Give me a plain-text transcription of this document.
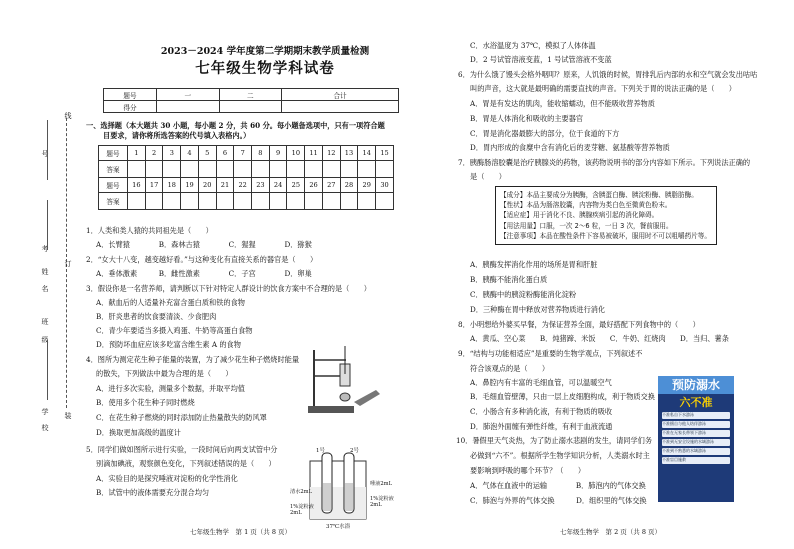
线
订
装
号
考
姓
名
班
级
学
校
2023－2024 学年度第二学期期末教学质量检测
七年级生物学科试卷
题号	一	二	合计
得分			
一、选择题（本大题共 30 小题，每小题 2 分，共 60 分。每小题备选项中，只有一项符合题
目要求，请你将所选答案的代号填入表格内。）
题号	1	2	3	4	5	6	7	8	9	10	11	12	13	14	15
答案															
题号	16	17	18	19	20	21	22	23	24	25	26	27	28	29	30
答案															
1．人类和类人猿的共同祖先是（　　）
A．长臂猿　　　　B．森林古猿　　　　C．猩猩　　　　D．猕猴
2．“女大十八变，越变越好看。”与这种变化有直接关系的器官是（　　）
A．垂体激素　　　B．雌性激素　　　　C．子宫　　　　D．卵巢
3．假设你是一名营养师，请判断以下针对特定人群设计的饮食方案中不合理的是（　　）
A．献血后的人适量补充富含蛋白质和铁的食物
B．肝炎患者的饮食要清淡、少食肥肉
C．青少年要适当多摄入鸡蛋、牛奶等高蛋白食物
D．预防坏血症应该多吃富含维生素 A 的食物
4．图所为测定花生种子能量的装置，为了减少花生种子燃烧时能量
的散失，下列做法中最为合理的是（　　）
A．进行多次实验，测量多个数据，并取平均值
B．使用多个花生种子同时燃烧
C．在花生种子燃烧的同时添加防止热量散失的防风罩
D．换取更加高级的温度计
5．同学们做如图所示进行实验，一段时间后向两支试管中分
别滴加碘液，观察颜色变化，下列叙述错误的是（　　）
A．实验目的是探究唾液对淀粉的化学性消化
B．试管中的液体需要充分混合均匀
1号	2号
清水2mL
1%淀粉液2mL
唾液2mL
1%淀粉液2mL
37℃水浴
C．水浴温度为 37℃，模拟了人体体温
D．2 号试管溶液变蓝，1 号试管溶液不变蓝
6．为什么饿了馒头会格外咽叩？原来，人饥饿的时候，胃排乳后内部的水和空气就会发出咕咕
叫的声音，这大就是最明确的需要直找的声音。下列关于胃的说法正确的是（　　）
A．胃是有发达的肌肉，能收缩蠕动，但不能吸收营养物质
B．胃是人体消化和吸收的主要器官
C．胃是消化器最膨大的部分，位于食道的下方
D．胃内形成的食糜中含有消化后的麦芽糖、氨基酸等营养物质
7．胰酶肠溶胶囊是治疗胰腺炎的药物，该药物说明书的部分内容如下所示。下列说法正确的
是（　　）
【成分】本品主要成分为胰酶，含胰蛋白酶、胰淀粉酶、胰脂肪酶。
【性状】本品为肠溶胶囊，内容物为类白色至微黄色粉末。
【适应症】用于消化不良、胰腺疾病引起的消化障碍。
【用法用量】口服，一次 2～6 粒，一日 3 次，餐前服用。
【注意事项】本品在酸性条件下容易被破坏，服用时不可以咀嚼药片等。
A．胰酶发挥消化作用的场所是胃和肝脏
B．胰酶不能消化蛋白质
C．胰酶中的胰淀粉酶能消化淀粉
D．三种酶在胃中释放对营养物质进行消化
8．小明想给外婆买早餐，为保证营养全面，最好搭配下列食物中的（　　）
A．黄瓜、空心菜　　B．炖猪蹄、米饭　　C．牛奶、红烧肉　　D．当归、薯条
9．“结构与功能相适应”是重要的生物学观点，下列叙述不
符合该观点的是（　　）
A．鼻腔内有丰富的毛细血管，可以温暖空气
B．毛细血管壁薄，只由一层上皮细胞构成，利于物质交换
C．小肠含有多种消化液，有利于物质的吸收
D．肺泡外面缠有弹性纤维，有利于血液流通
10．暑假里天气炎热，为了防止溺水悲剧的发生，请同学们务
必做到“六不”。根据所学生物学知识分析，人类溺水时主
要影响到呼吸的哪个环节？（　　）
A．气体在血液中的运输　　　　B．肺泡内的气体交换
C．肺泡与外界的气体交换　　　D．组织里的气体交换
预防溺水
六不准
不准私自下水游泳
不准擅自与他人结伴游泳
不准在无家长带领下游泳
不准到无安全设施的水域游泳
不准到不熟悉的水域游泳
不准盲目施救
七年级生物学　第 1 页（共 8 页）	七年级生物学　第 2 页（共 8 页）
